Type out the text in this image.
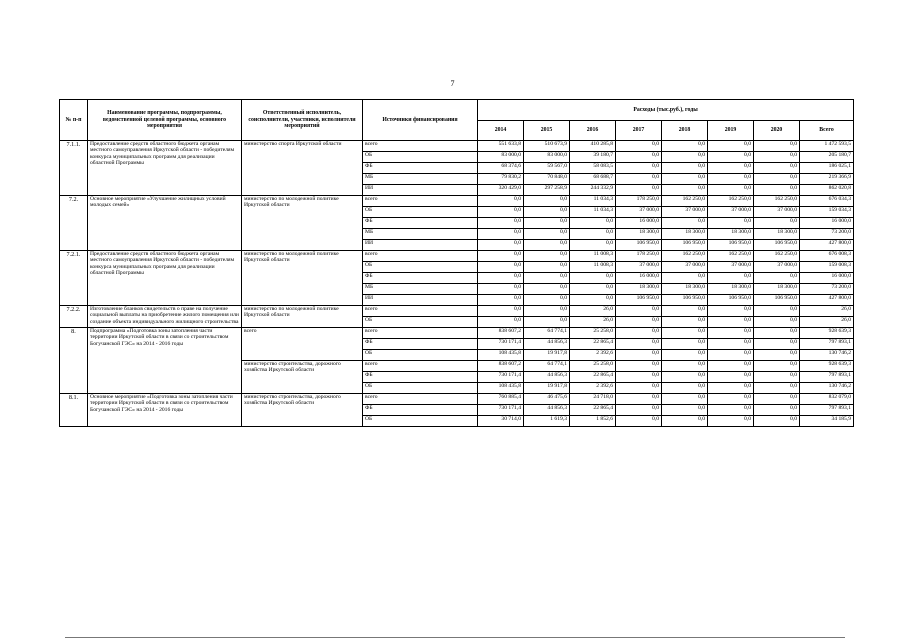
7
№ п-п	Наименование программы, подпрограммы, ведомственной целевой программы, основного мероприятия	Ответственный исполнитель, соисполнители, участники, исполнители мероприятий	Источники финансирования	Расходы (тыс.руб.), годы							
				2014	2015	2016	2017	2018	2019	2020	Всего
7.1.1.	Предоставление средств областного бюджета органам местного самоуправления Иркутской области - победителям конкурса муниципальных программ для реализации областной Программы	министерство спорта Иркутской области	всего	551 633,8	510 673,9	410 285,8	0,0	0,0	0,0	0,0	1 472 593,5
			ОБ	83 000,0	83 000,0	39 180,7	0,0	0,0	0,0	0,0	205 180,7
			ФБ	68 374,6	59 567,0	58 083,5	0,0	0,0	0,0	0,0	186 025,1
			МБ	79 830,2	70 848,0	68 688,7	0,0	0,0	0,0	0,0	219 366,9
			ИИ	320 429,0	297 258,9	244 332,9	0,0	0,0	0,0	0,0	862 020,8
7.2.	Основное мероприятие «Улучшение жилищных условий молодых семей»	министерство по молодежной политике Иркутской области	всего	0,0	0,0	11 034,3	178 250,0	162 250,0	162 250,0	162 250,0	676 034,3
			ОБ	0,0	0,0	11 034,3	37 000,0	37 000,0	37 000,0	37 000,0	159 034,3
			ФБ	0,0	0,0	0,0	16 000,0	0,0	0,0	0,0	16 000,0
			МБ	0,0	0,0	0,0	18 300,0	18 300,0	18 300,0	18 300,0	73 200,0
			ИИ	0,0	0,0	0,0	106 950,0	106 950,0	106 950,0	106 950,0	427 800,0
7.2.1.	Предоставление средств областного бюджета органам местного самоуправления Иркутской области - победителям конкурса муниципальных программ для реализации областной Программы	министерство по молодежной политике Иркутской области	всего	0,0	0,0	11 008,3	178 250,0	162 250,0	162 250,0	162 250,0	676 008,3
			ОБ	0,0	0,0	11 008,3	37 000,0	37 000,0	37 000,0	37 000,0	159 008,3
			ФБ	0,0	0,0	0,0	16 000,0	0,0	0,0	0,0	16 000,0
			МБ	0,0	0,0	0,0	18 300,0	18 300,0	18 300,0	18 300,0	73 200,0
			ИИ	0,0	0,0	0,0	106 950,0	106 950,0	106 950,0	106 950,0	427 800,0
7.2.2.	Изготовление бланков свидетельств о праве на получение социальной выплаты на приобретение жилого помещения или создание объекта индивидуального жилищного строительства	министерство по молодежной политике Иркутской области	всего	0,0	0,0	26,0	0,0	0,0	0,0	0,0	26,0
			ОБ	0,0	0,0	26,0	0,0	0,0	0,0	0,0	26,0
8.	Подпрограмма «Подготовка зоны затопления части территории Иркутской области в связи со строительством Богучанской ГЭС» на 2014 - 2016 годы	всего	всего	838 607,2	64 774,1	25 258,0	0,0	0,0	0,0	0,0	928 639,3
			ФБ	730 171,4	44 856,3	22 865,4	0,0	0,0	0,0	0,0	797 893,1
			ОБ	108 435,8	19 917,8	2 392,6	0,0	0,0	0,0	0,0	130 746,2
		министерство строительства, дорожного хозяйства Иркутской области	всего	838 607,2	64 774,1	25 258,0	0,0	0,0	0,0	0,0	928 639,3
			ФБ	730 171,4	44 856,3	22 865,4	0,0	0,0	0,0	0,0	797 893,1
			ОБ	108 435,8	19 917,8	2 392,6	0,0	0,0	0,0	0,0	130 746,2
8.1.	Основное мероприятие «Подготовка зоны затопления части территории Иркутской области в связи со строительством Богучанской ГЭС» на 2014 - 2016 годы	министерство строительства, дорожного хозяйства Иркутской области	всего	760 885,4	46 475,6	24 718,0	0,0	0,0	0,0	0,0	832 079,0
			ФБ	730 171,4	44 856,3	22 865,4	0,0	0,0	0,0	0,0	797 893,1
			ОБ	30 714,0	1 619,3	1 852,6	0,0	0,0	0,0	0,0	34 185,9
